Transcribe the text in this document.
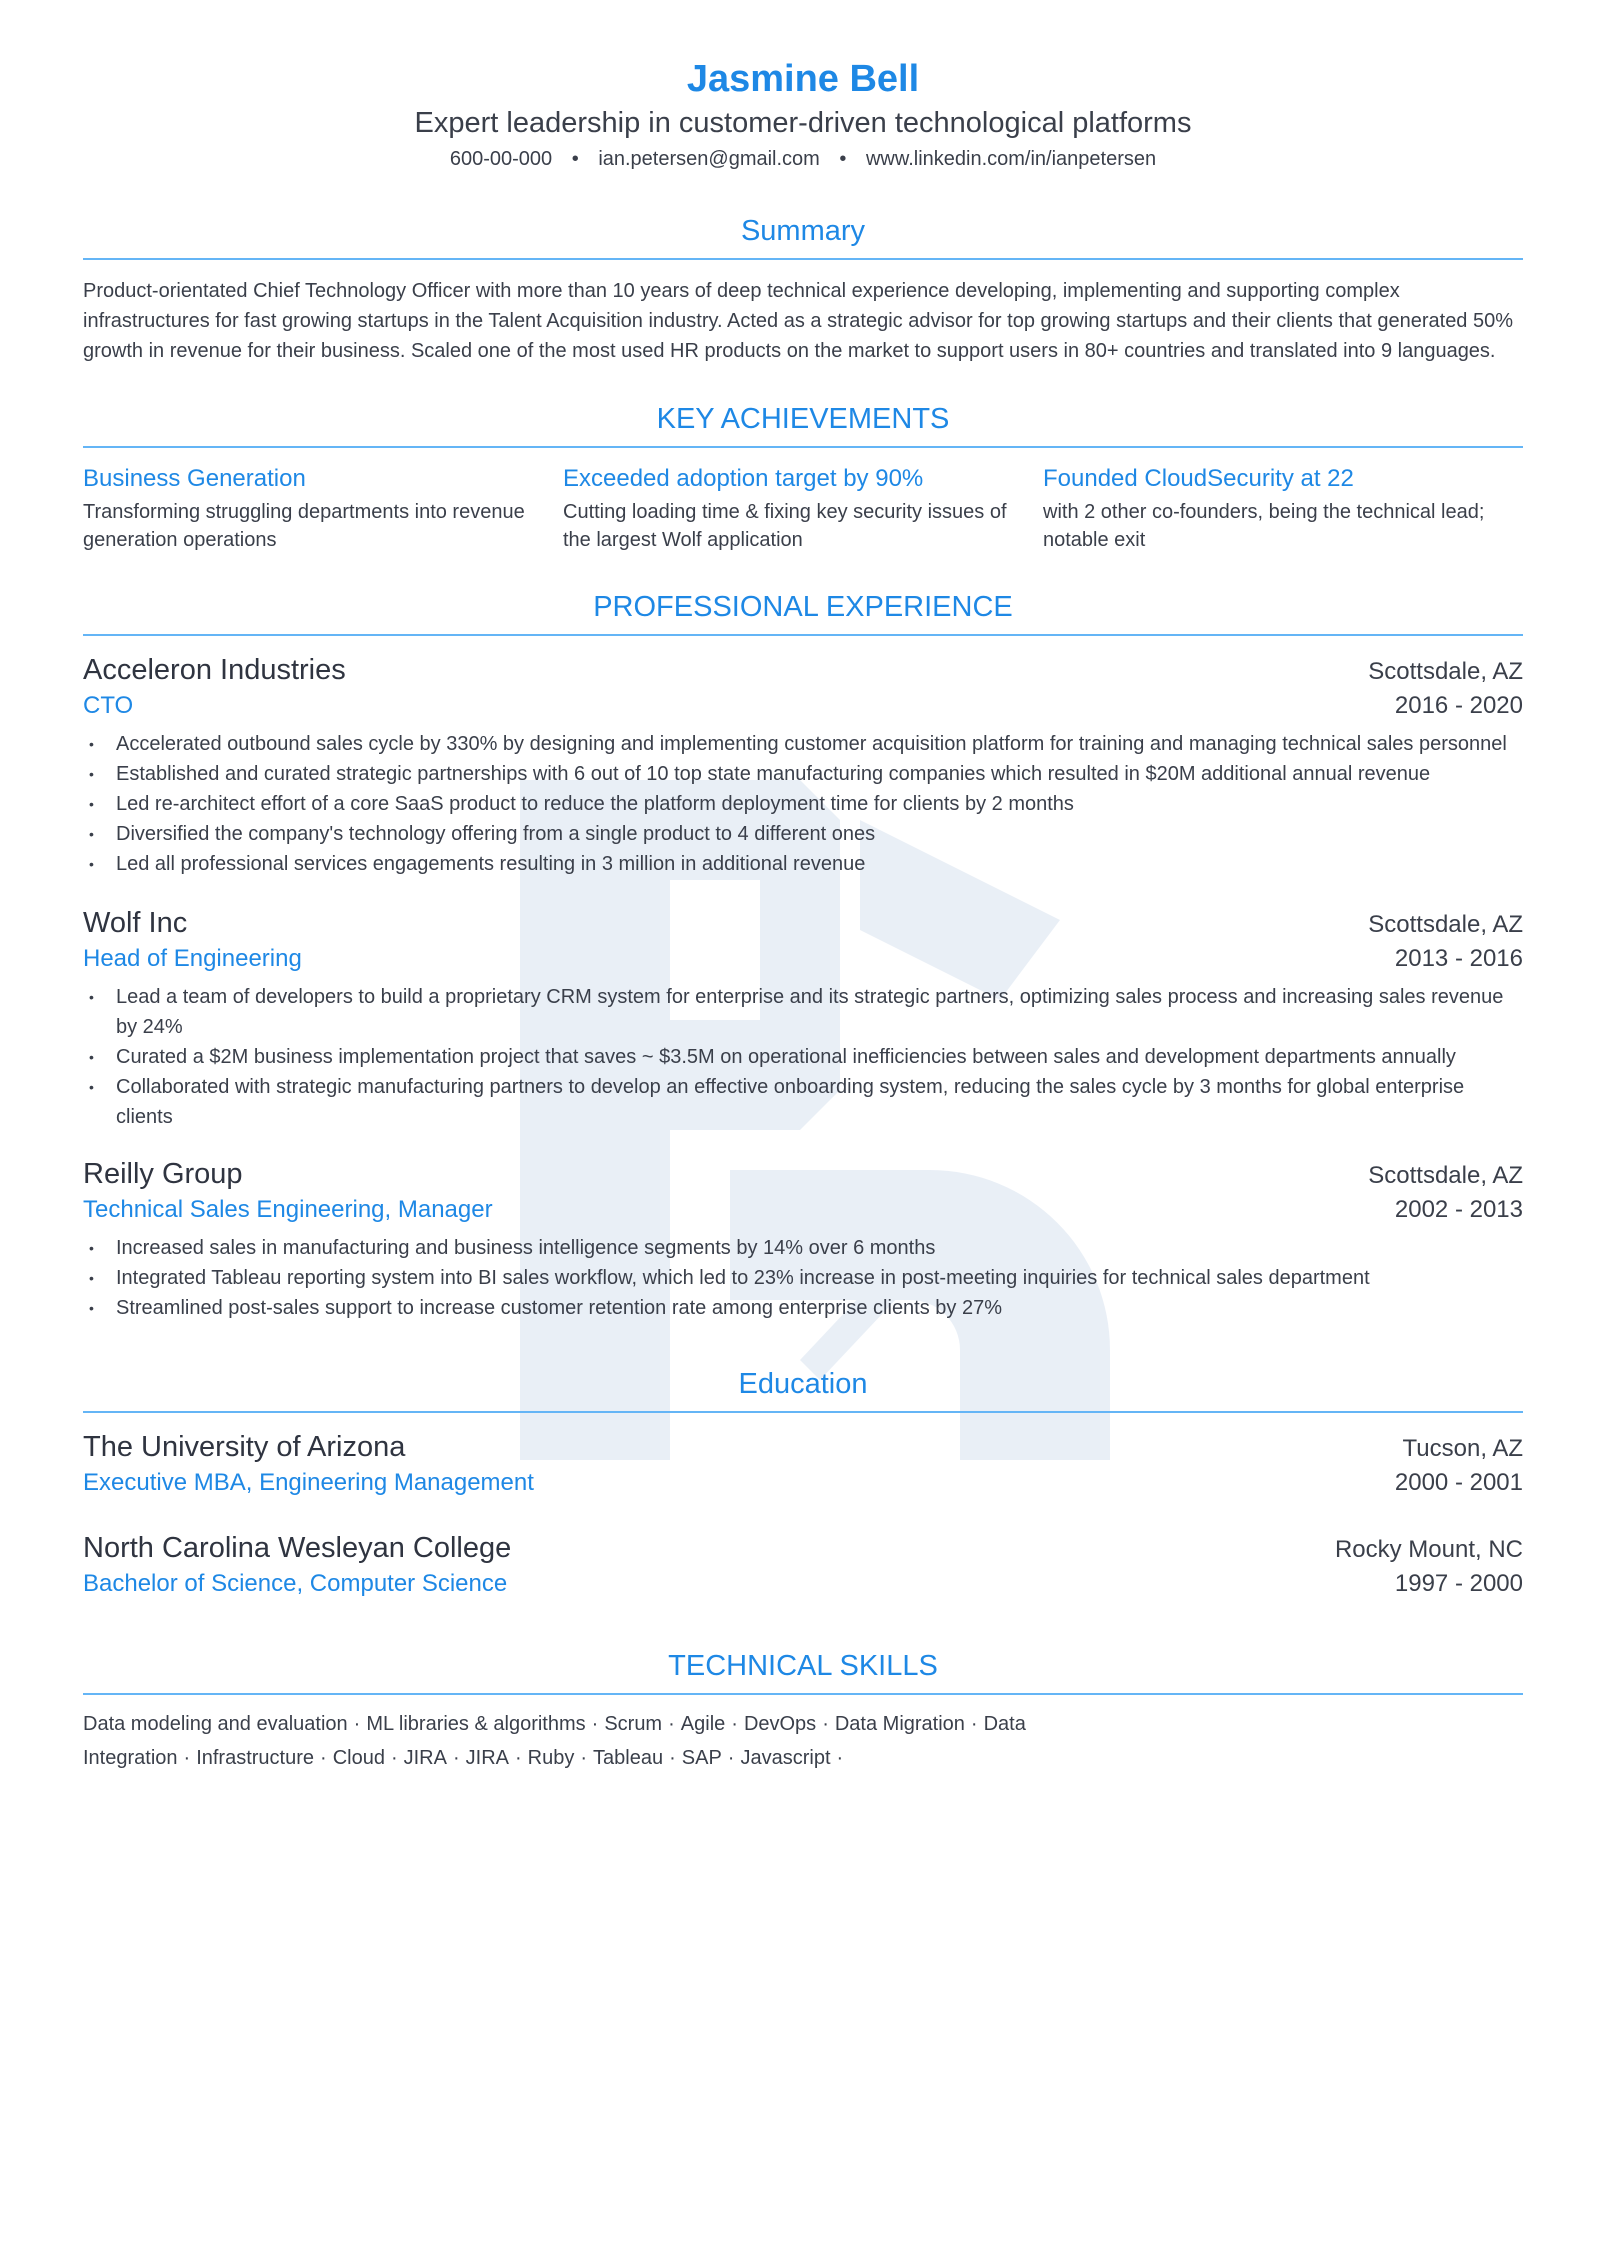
Jasmine Bell
Expert leadership in customer-driven technological platforms
600-00-000 • ian.petersen@gmail.com • www.linkedin.com/in/ianpetersen
Summary
Product-orientated Chief Technology Officer with more than 10 years of deep technical experience developing, implementing and supporting complex infrastructures for fast growing startups in the Talent Acquisition industry. Acted as a strategic advisor for top growing startups and their clients that generated 50% growth in revenue for their business. Scaled one of the most used HR products on the market to support users in 80+ countries and translated into 9 languages.
KEY ACHIEVEMENTS
Business Generation
Transforming struggling departments into revenue generation operations
Exceeded adoption target by 90%
Cutting loading time & fixing key security issues of the largest Wolf application
Founded CloudSecurity at 22
with 2 other co-founders, being the technical lead; notable exit
PROFESSIONAL EXPERIENCE
Acceleron Industries	Scottsdale, AZ
CTO	2016 - 2020
• Accelerated outbound sales cycle by 330% by designing and implementing customer acquisition platform for training and managing technical sales personnel
• Established and curated strategic partnerships with 6 out of 10 top state manufacturing companies which resulted in $20M additional annual revenue
• Led re-architect effort of a core SaaS product to reduce the platform deployment time for clients by 2 months
• Diversified the company's technology offering from a single product to 4 different ones
• Led all professional services engagements resulting in 3 million in additional revenue
Wolf Inc	Scottsdale, AZ
Head of Engineering	2013 - 2016
• Lead a team of developers to build a proprietary CRM system for enterprise and its strategic partners, optimizing sales process and increasing sales revenue by 24%
• Curated a $2M business implementation project that saves ~ $3.5M on operational inefficiencies between sales and development departments annually
• Collaborated with strategic manufacturing partners to develop an effective onboarding system, reducing the sales cycle by 3 months for global enterprise clients
Reilly Group	Scottsdale, AZ
Technical Sales Engineering, Manager	2002 - 2013
• Increased sales in manufacturing and business intelligence segments by 14% over 6 months
• Integrated Tableau reporting system into BI sales workflow, which led to 23% increase in post-meeting inquiries for technical sales department
• Streamlined post-sales support to increase customer retention rate among enterprise clients by 27%
Education
The University of Arizona	Tucson, AZ
Executive MBA, Engineering Management	2000 - 2001
North Carolina Wesleyan College	Rocky Mount, NC
Bachelor of Science, Computer Science	1997 - 2000
TECHNICAL SKILLS
Data modeling and evaluation · ML libraries & algorithms · Scrum · Agile · DevOps · Data Migration · Data Integration · Infrastructure · Cloud · JIRA · JIRA · Ruby · Tableau · SAP · Javascript ·
